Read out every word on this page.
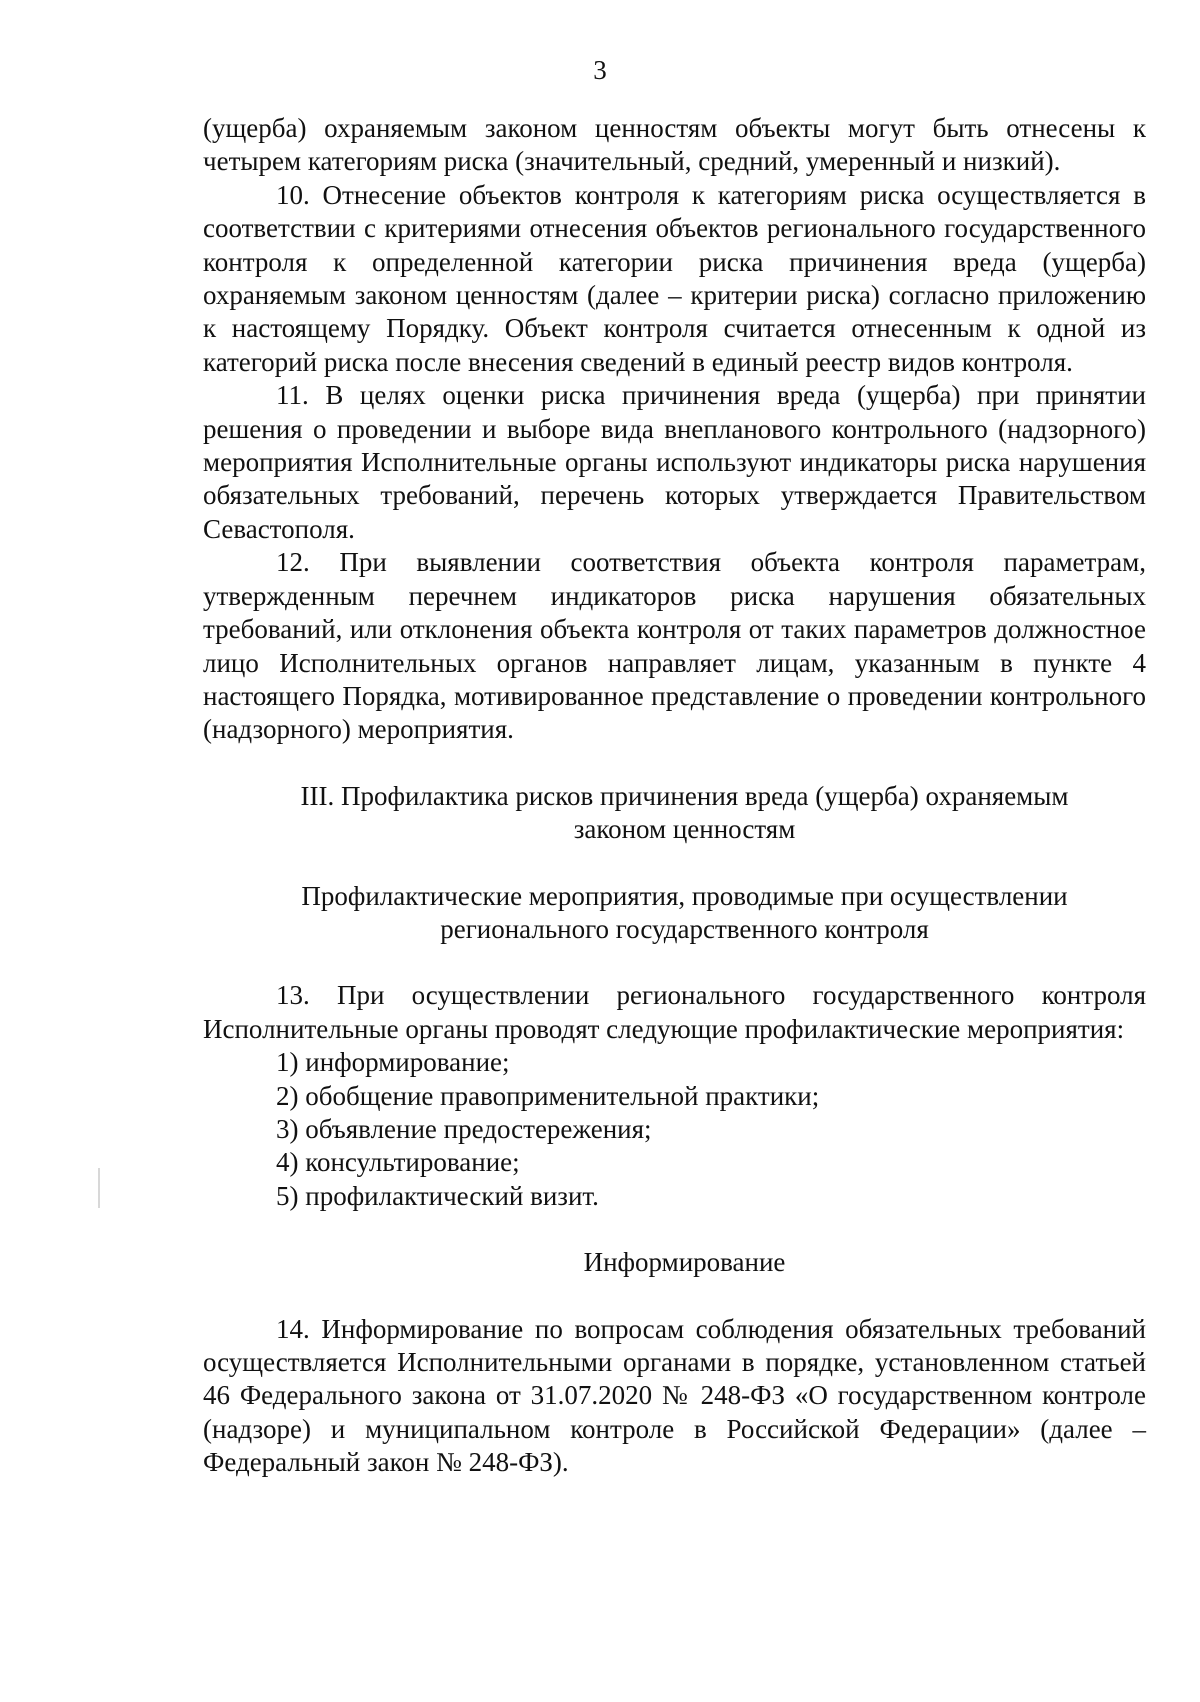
3

(ущерба) охраняемым законом ценностям объекты могут быть отнесены к четырем категориям риска (значительный, средний, умеренный и низкий).

10. Отнесение объектов контроля к категориям риска осуществляется в соответствии с критериями отнесения объектов регионального государственного контроля к определенной категории риска причинения вреда (ущерба) охраняемым законом ценностям (далее – критерии риска) согласно приложению к настоящему Порядку. Объект контроля считается отнесенным к одной из категорий риска после внесения сведений в единый реестр видов контроля.

11. В целях оценки риска причинения вреда (ущерба) при принятии решения о проведении и выборе вида внепланового контрольного (надзорного) мероприятия Исполнительные органы используют индикаторы риска нарушения обязательных требований, перечень которых утверждается Правительством Севастополя.

12. При выявлении соответствия объекта контроля параметрам, утвержденным перечнем индикаторов риска нарушения обязательных требований, или отклонения объекта контроля от таких параметров должностное лицо Исполнительных органов направляет лицам, указанным в пункте 4 настоящего Порядка, мотивированное представление о проведении контрольного (надзорного) мероприятия.

III. Профилактика рисков причинения вреда (ущерба) охраняемым
законом ценностям
Профилактические мероприятия, проводимые при осуществлении
регионального государственного контроля

13. При осуществлении регионального государственного контроля Исполнительные органы проводят следующие профилактические мероприятия:

1) информирование;
2) обобщение правоприменительной практики;
3) объявление предостережения;
4) консультирование;
5) профилактический визит.
Информирование

14. Информирование по вопросам соблюдения обязательных требований осуществляется Исполнительными органами в порядке, установленном статьей 46 Федерального закона от 31.07.2020 № 248-ФЗ «О государственном контроле (надзоре) и муниципальном контроле в Российской Федерации» (далее – Федеральный закон № 248-ФЗ).
